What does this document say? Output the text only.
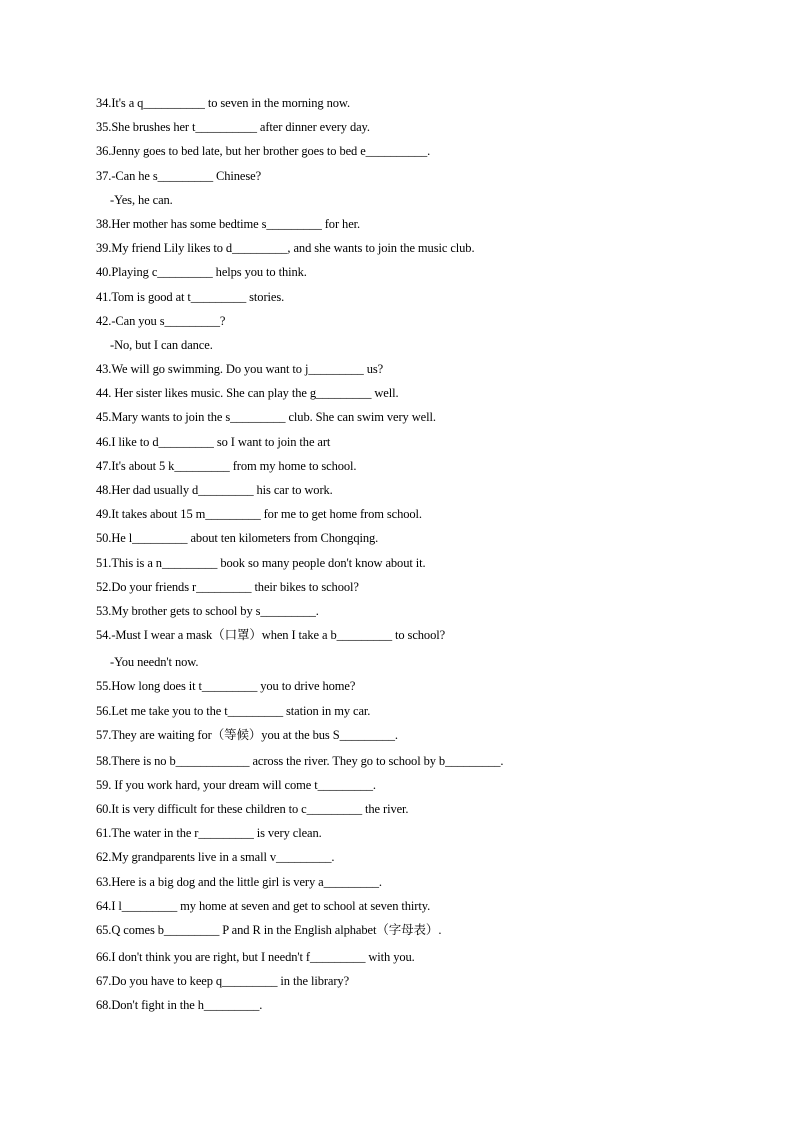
34.It's a q__________ to seven in the morning now.
35.She brushes her t__________ after dinner every day.
36.Jenny goes to bed late, but her brother goes to bed e__________.
37.-Can he s_________ Chinese?
-Yes, he can.
38.Her mother has some bedtime s_________ for her.
39.My friend Lily likes to d_________, and she wants to join the music club.
40.Playing c_________ helps you to think.
41.Tom is good at t_________ stories.
42.-Can you s_________?
-No, but I can dance.
43.We will go swimming. Do you want to j_________ us?
44. Her sister likes music. She can play the g_________ well.
45.Mary wants to join the s_________ club. She can swim very well.
46.I like to d_________ so I want to join the art
47.It's about 5 k_________ from my home to school.
48.Her dad usually d_________ his car to work.
49.It takes about 15 m_________ for me to get home from school.
50.He l_________ about ten kilometers from Chongqing.
51.This is a n_________ book so many people don't know about it.
52.Do your friends r_________ their bikes to school?
53.My brother gets to school by s_________.
54.-Must I wear a mask（口罩）when I take a b_________ to school?
-You needn't now.
55.How long does it t_________ you to drive home?
56.Let me take you to the t_________ station in my car.
57.They are waiting for（等候）you at the bus S_________.
58.There is no b____________ across the river. They go to school by b_________.
59. If you work hard, your dream will come t_________.
60.It is very difficult for these children to c_________ the river.
61.The water in the r_________ is very clean.
62.My grandparents live in a small v_________.
63.Here is a big dog and the little girl is very a_________.
64.I l_________ my home at seven and get to school at seven thirty.
65.Q comes b_________ P and R in the English alphabet（字母表）.
66.I don't think you are right, but I needn't f_________ with you.
67.Do you have to keep q_________ in the library?
68.Don't fight in the h_________.
